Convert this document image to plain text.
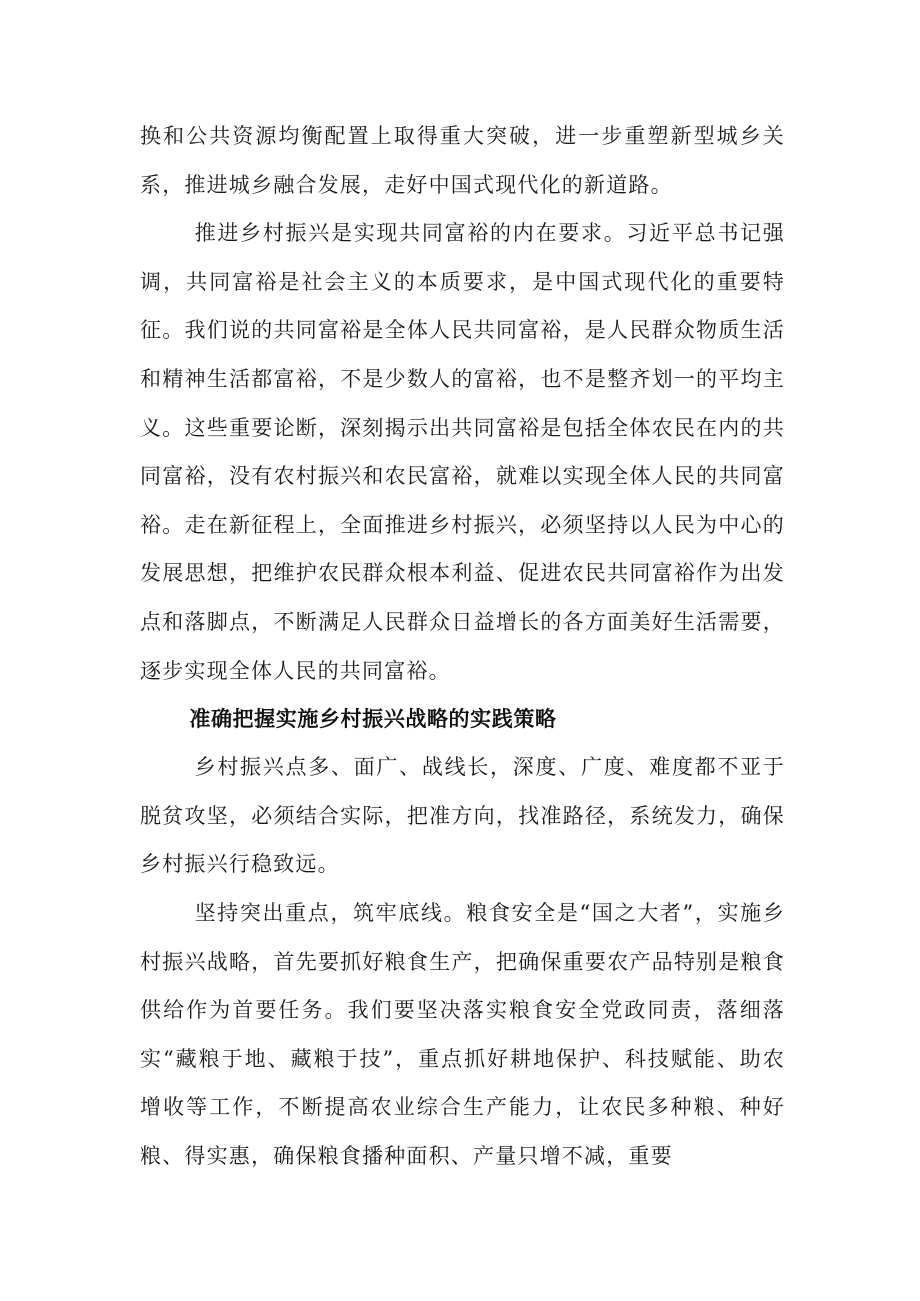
换和公共资源均衡配置上取得重大突破，进一步重塑新型城乡关系，推进城乡融合发展，走好中国式现代化的新道路。

推进乡村振兴是实现共同富裕的内在要求。习近平总书记强调，共同富裕是社会主义的本质要求，是中国式现代化的重要特征。我们说的共同富裕是全体人民共同富裕，是人民群众物质生活和精神生活都富裕，不是少数人的富裕，也不是整齐划一的平均主义。这些重要论断，深刻揭示出共同富裕是包括全体农民在内的共同富裕，没有农村振兴和农民富裕，就难以实现全体人民的共同富裕。走在新征程上，全面推进乡村振兴，必须坚持以人民为中心的发展思想，把维护农民群众根本利益、促进农民共同富裕作为出发点和落脚点，不断满足人民群众日益增长的各方面美好生活需要，逐步实现全体人民的共同富裕。

准确把握实施乡村振兴战略的实践策略

乡村振兴点多、面广、战线长，深度、广度、难度都不亚于脱贫攻坚，必须结合实际，把准方向，找准路径，系统发力，确保乡村振兴行稳致远。

坚持突出重点，筑牢底线。粮食安全是“国之大者”，实施乡村振兴战略，首先要抓好粮食生产，把确保重要农产品特别是粮食供给作为首要任务。我们要坚决落实粮食安全党政同责，落细落实“藏粮于地、藏粮于技”，重点抓好耕地保护、科技赋能、助农增收等工作，不断提高农业综合生产能力，让农民多种粮、种好粮、得实惠，确保粮食播种面积、产量只增不减，重要
